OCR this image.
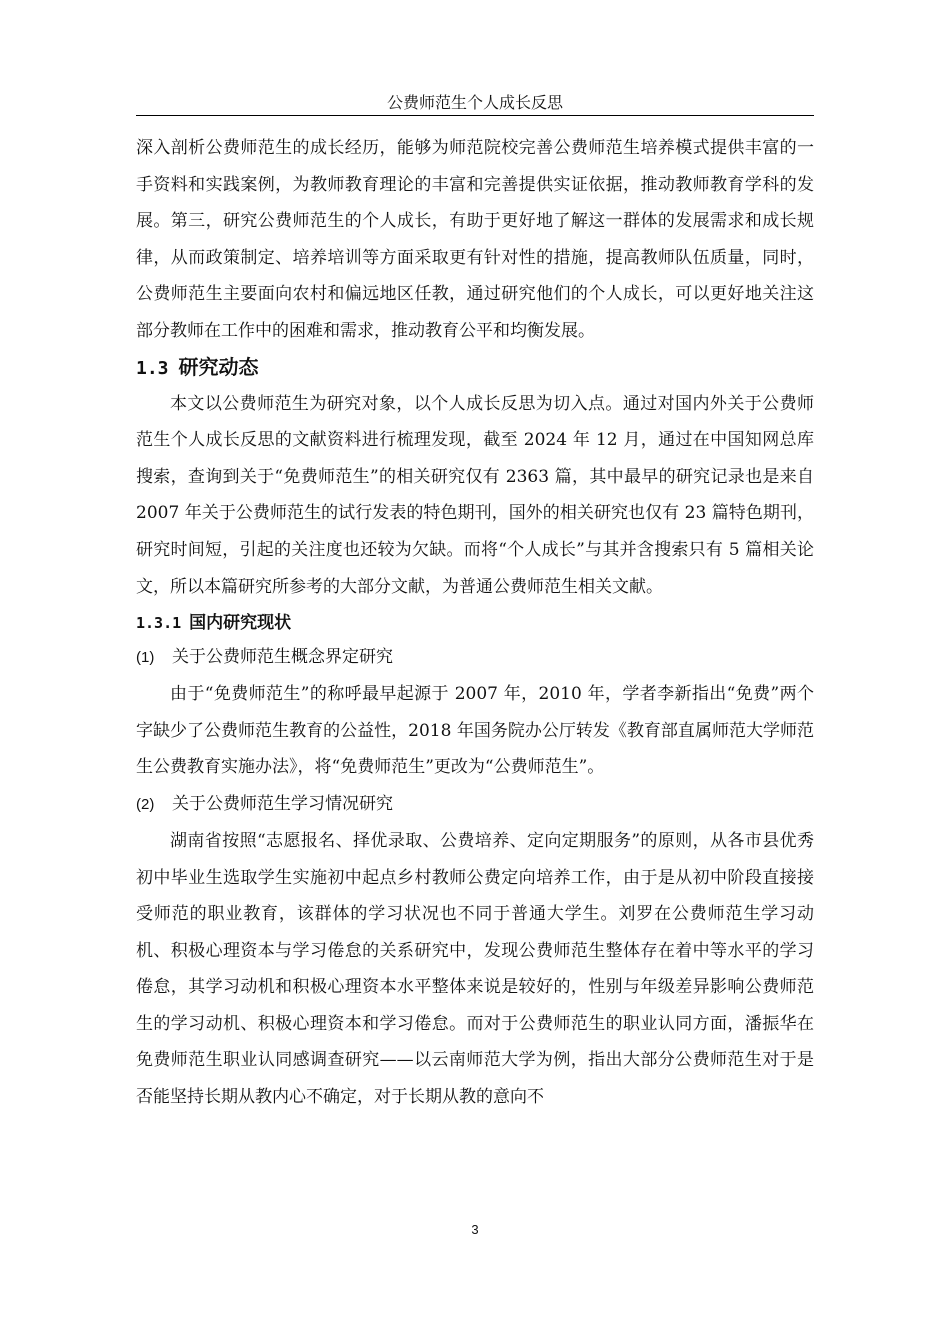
公费师范生个人成长反思

深入剖析公费师范生的成长经历，能够为师范院校完善公费师范生培养模式提供丰富的一手资料和实践案例，为教师教育理论的丰富和完善提供实证依据，推动教师教育学科的发展。第三，研究公费师范生的个人成长，有助于更好地了解这一群体的发展需求和成长规律，从而政策制定、培养培训等方面采取更有针对性的措施，提高教师队伍质量，同时，公费师范生主要面向农村和偏远地区任教，通过研究他们的个人成长，可以更好地关注这部分教师在工作中的困难和需求，推动教育公平和均衡发展。

1.3 研究动态

本文以公费师范生为研究对象，以个人成长反思为切入点。通过对国内外关于公费师范生个人成长反思的文献资料进行梳理发现，截至 2024 年 12 月，通过在中国知网总库搜索，查询到关于“免费师范生”的相关研究仅有 2363 篇，其中最早的研究记录也是来自 2007 年关于公费师范生的试行发表的特色期刊，国外的相关研究也仅有 23 篇特色期刊，研究时间短，引起的关注度也还较为欠缺。而将“个人成长”与其并含搜索只有 5 篇相关论文，所以本篇研究所参考的大部分文献，为普通公费师范生相关文献。

1.3.1 国内研究现状
(1) 关于公费师范生概念界定研究

由于“免费师范生”的称呼最早起源于 2007 年，2010 年，学者李新指出“免费”两个字缺少了公费师范生教育的公益性，2018 年国务院办公厅转发《教育部直属师范大学师范生公费教育实施办法》，将“免费师范生”更改为“公费师范生”。

(2) 关于公费师范生学习情况研究

湖南省按照“志愿报名、择优录取、公费培养、定向定期服务”的原则，从各市县优秀初中毕业生选取学生实施初中起点乡村教师公费定向培养工作，由于是从初中阶段直接接受师范的职业教育，该群体的学习状况也不同于普通大学生。刘罗在公费师范生学习动机、积极心理资本与学习倦怠的关系研究中，发现公费师范生整体存在着中等水平的学习倦怠，其学习动机和积极心理资本水平整体来说是较好的，性别与年级差异影响公费师范生的学习动机、积极心理资本和学习倦怠。而对于公费师范生的职业认同方面，潘振华在免费师范生职业认同感调查研究——以云南师范大学为例，指出大部分公费师范生对于是否能坚持长期从教内心不确定，对于长期从教的意向不

3
